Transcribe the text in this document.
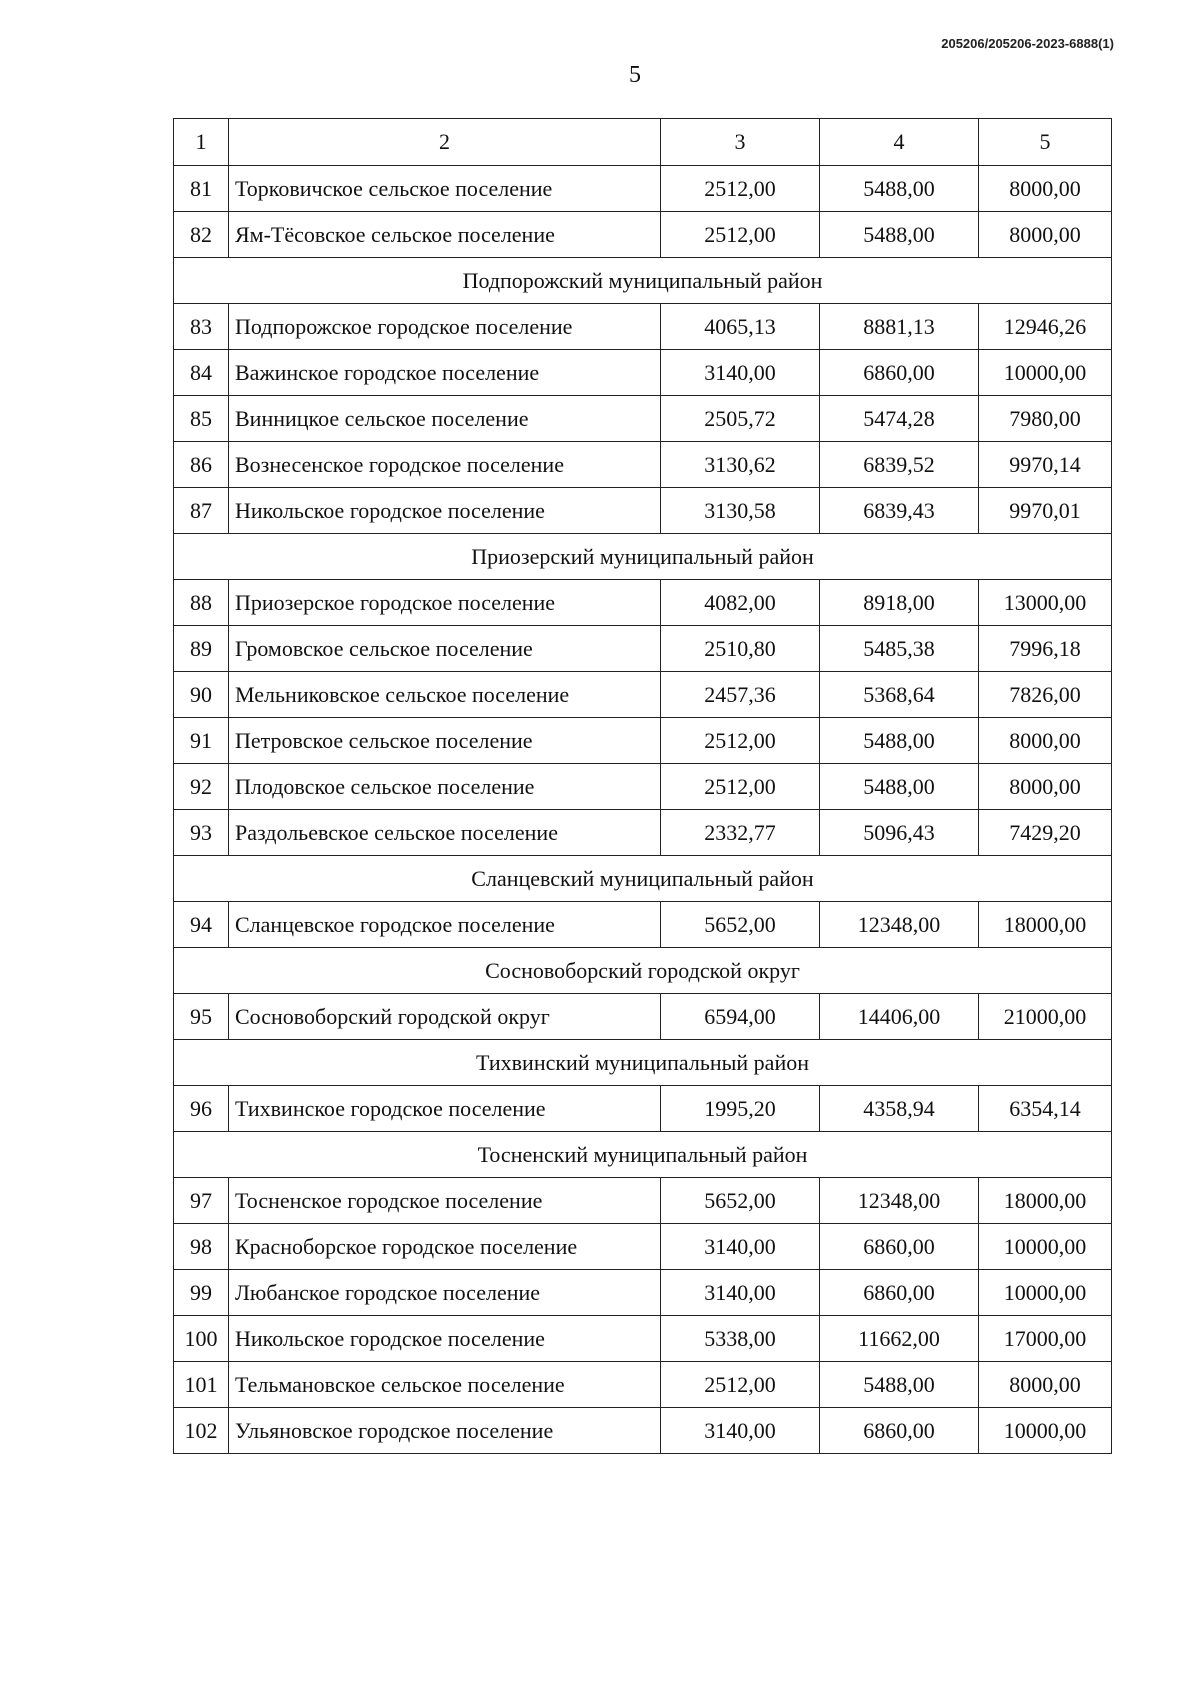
205206/205206-2023-6888(1)
5
1	2	3	4	5
81	Торковичское сельское поселение	2512,00	5488,00	8000,00
82	Ям-Тёсовское сельское поселение	2512,00	5488,00	8000,00
Подпорожский муниципальный район				
83	Подпорожское городское поселение	4065,13	8881,13	12946,26
84	Важинское городское поселение	3140,00	6860,00	10000,00
85	Винницкое сельское поселение	2505,72	5474,28	7980,00
86	Вознесенское городское поселение	3130,62	6839,52	9970,14
87	Никольское городское поселение	3130,58	6839,43	9970,01
Приозерский муниципальный район				
88	Приозерское городское поселение	4082,00	8918,00	13000,00
89	Громовское сельское поселение	2510,80	5485,38	7996,18
90	Мельниковское сельское поселение	2457,36	5368,64	7826,00
91	Петровское сельское поселение	2512,00	5488,00	8000,00
92	Плодовское сельское поселение	2512,00	5488,00	8000,00
93	Раздольевское сельское поселение	2332,77	5096,43	7429,20
Сланцевский муниципальный район				
94	Сланцевское городское поселение	5652,00	12348,00	18000,00
Сосновоборский городской округ				
95	Сосновоборский городской округ	6594,00	14406,00	21000,00
Тихвинский муниципальный район				
96	Тихвинское городское поселение	1995,20	4358,94	6354,14
Тосненский муниципальный район				
97	Тосненское городское поселение	5652,00	12348,00	18000,00
98	Красноборское городское поселение	3140,00	6860,00	10000,00
99	Любанское городское поселение	3140,00	6860,00	10000,00
100	Никольское городское поселение	5338,00	11662,00	17000,00
101	Тельмановское сельское поселение	2512,00	5488,00	8000,00
102	Ульяновское городское поселение	3140,00	6860,00	10000,00
